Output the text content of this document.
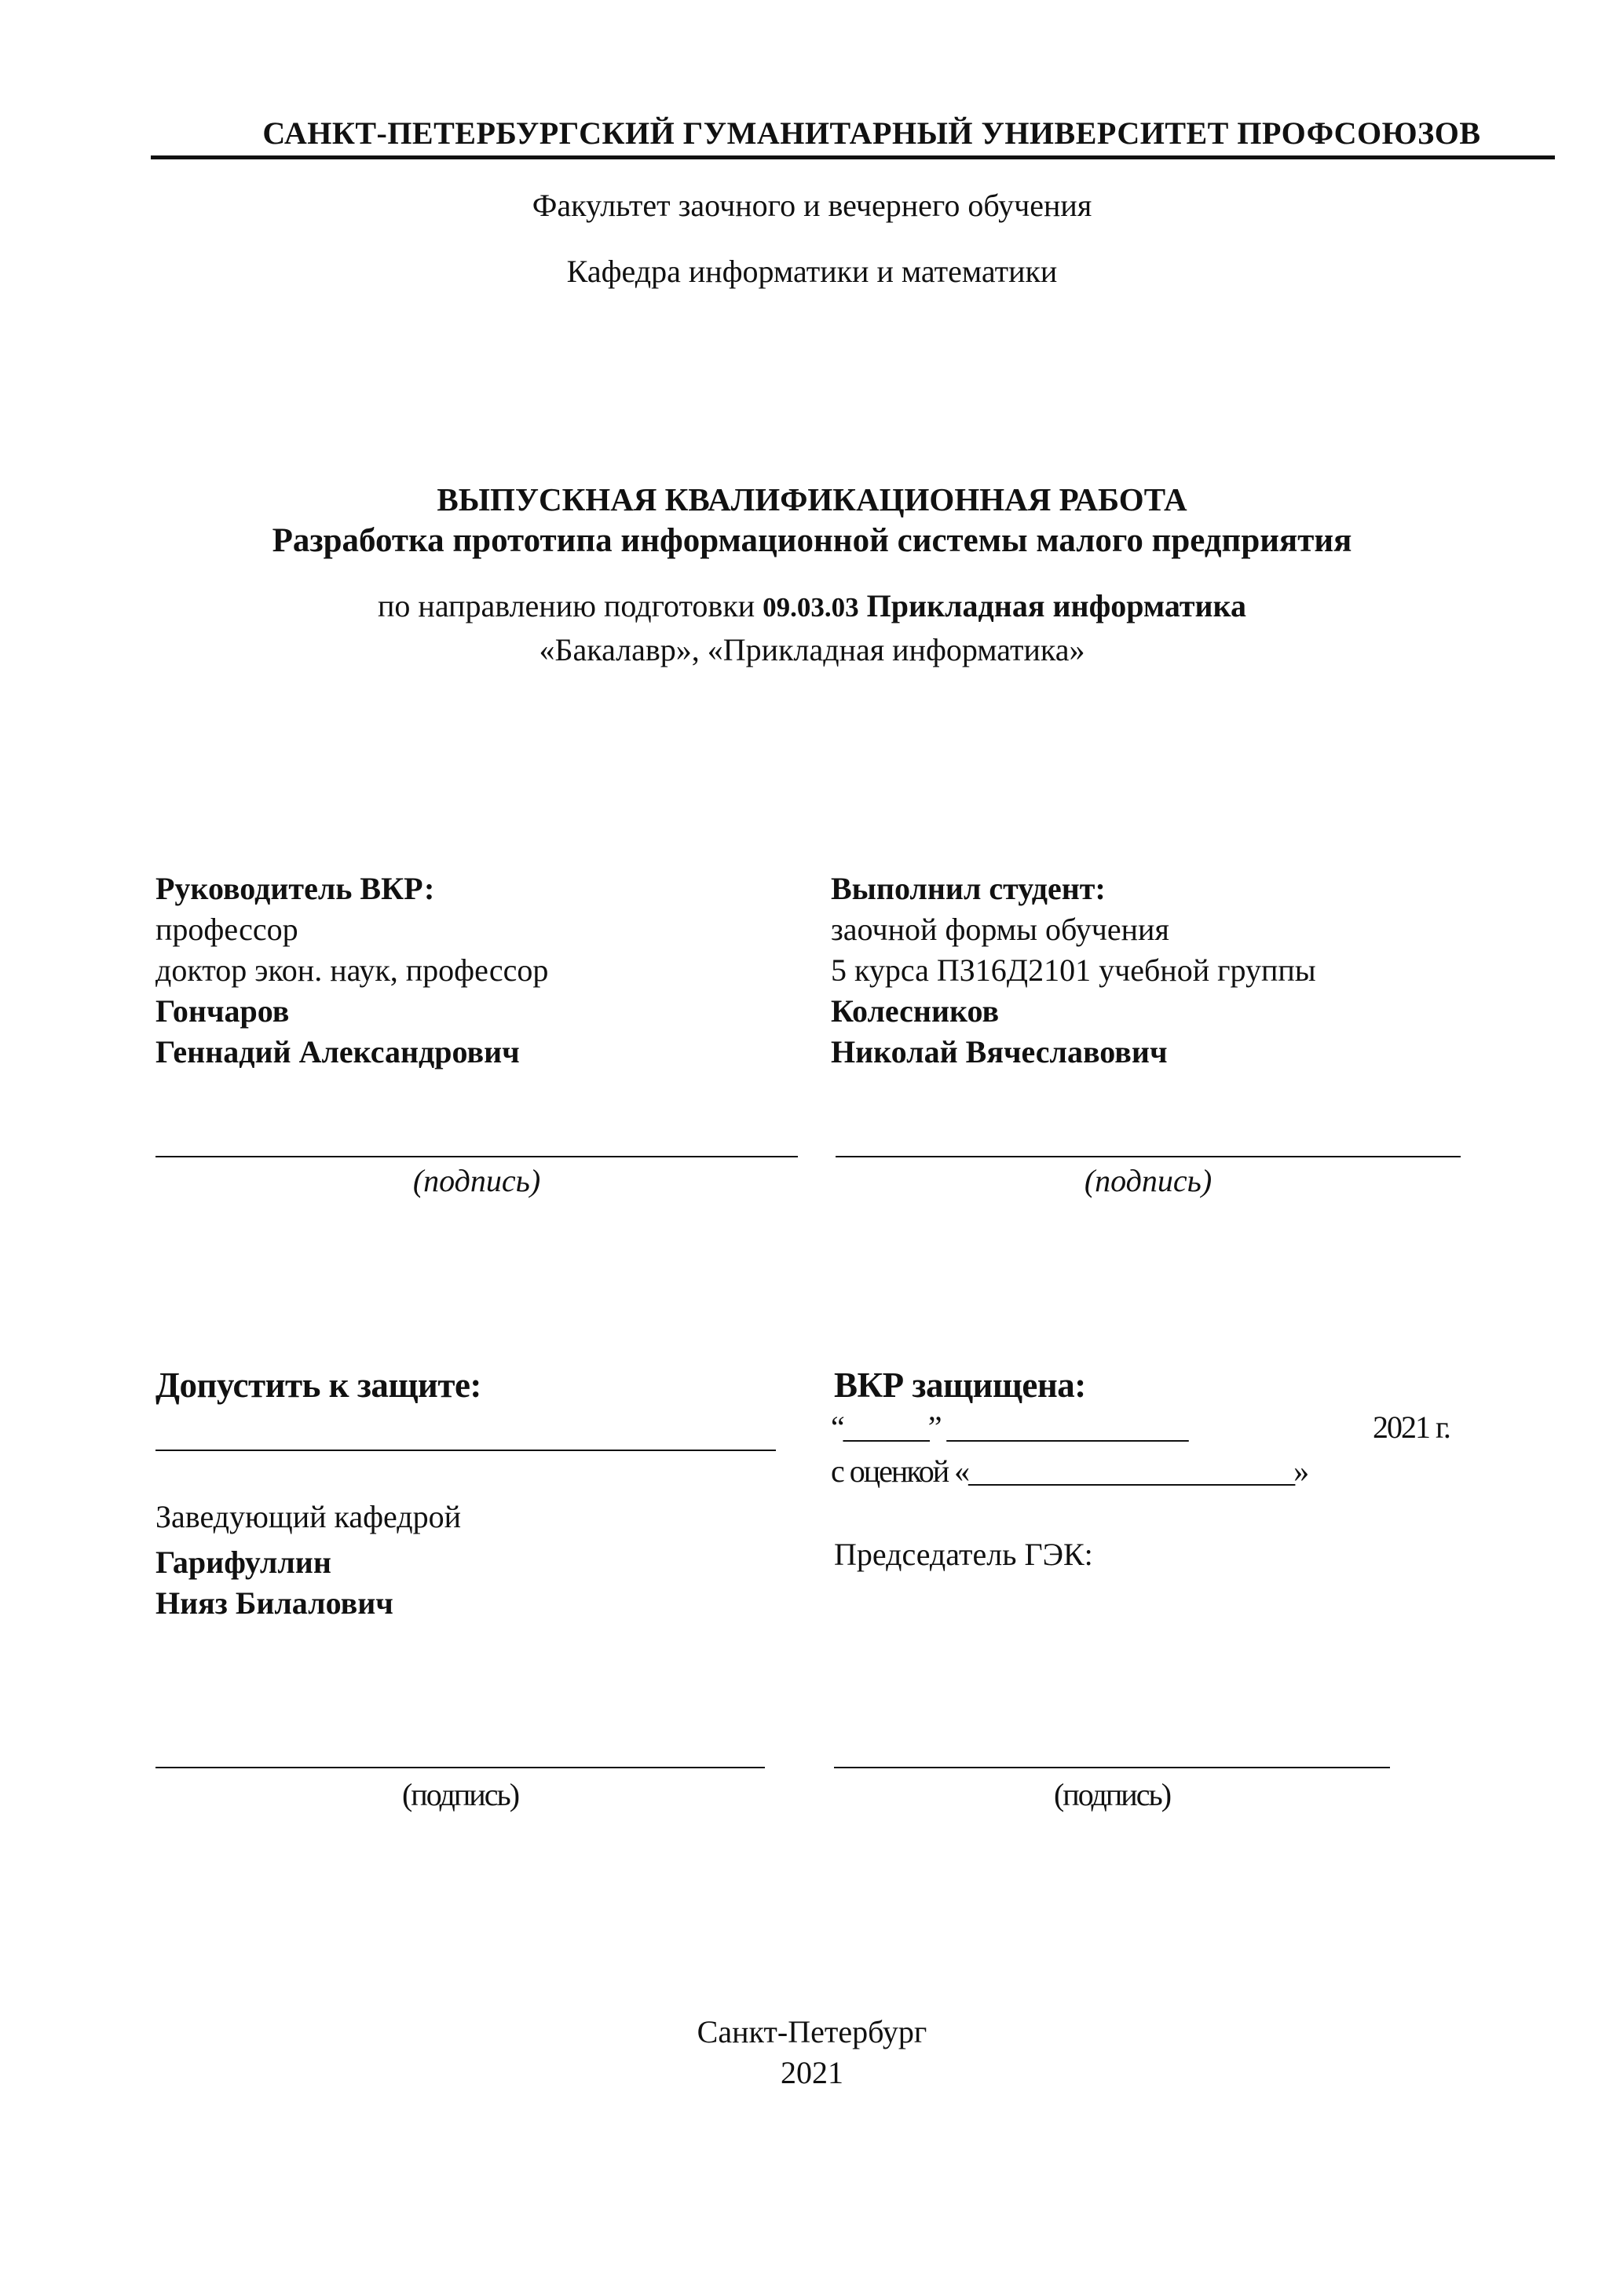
САНКТ-ПЕТЕРБУРГСКИЙ ГУМАНИТАРНЫЙ УНИВЕРСИТЕТ ПРОФСОЮЗОВ
Факультет заочного и вечернего обучения
Кафедра информатики и математики
ВЫПУСКНАЯ КВАЛИФИКАЦИОННАЯ РАБОТА
Разработка прототипа информационной системы малого предприятия
по направлению подготовки 09.03.03 Прикладная информатика
«Бакалавр», «Прикладная информатика»
Руководитель ВКР:
профессор
доктор экон. наук, профессор
Гончаров
Геннадий Александрович
Выполнил студент:
заочной формы обучения
5 курса ПЗ16Д2101 учебной группы
Колесников
Николай Вячеславович
(подпись)	(подпись)
Допустить к защите:
Заведующий кафедрой
Гарифуллин
Нияз Билалович
ВКР защищена:
“______” _________________	2021 г.
с оценкой «_______________________»
Председатель ГЭК:
(подпись)	(подпись)
Санкт-Петербург
2021
